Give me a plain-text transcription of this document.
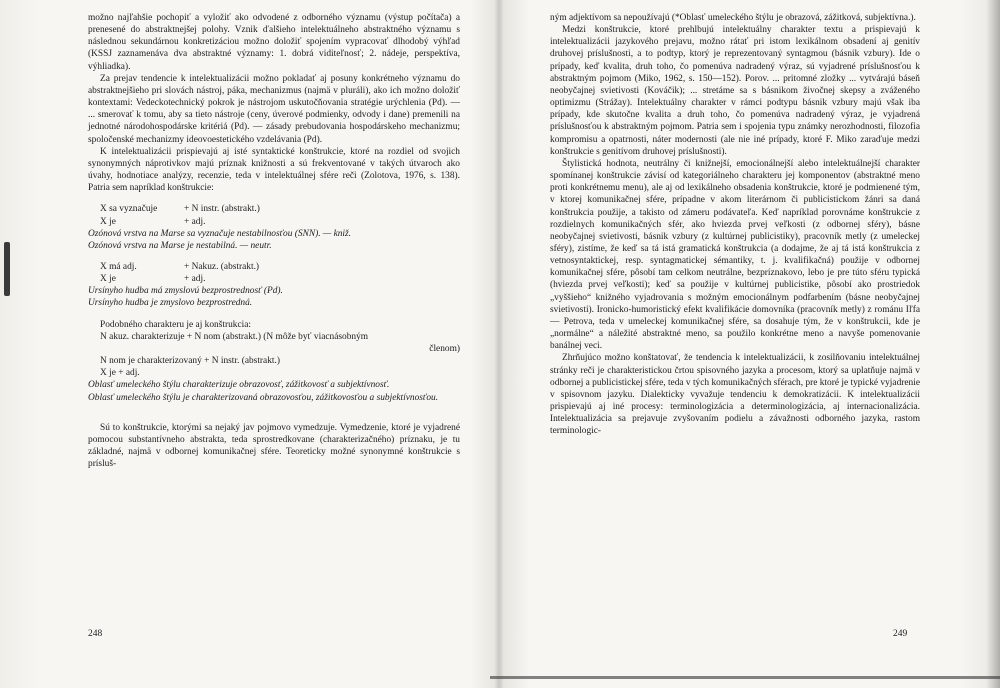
možno najľahšie pochopiť a vyložiť ako odvodené z odborného významu (výstup počítača) a prenesené do abstraktnejšej polohy. Vznik ďalšieho intelektuálneho abstraktného významu s následnou sekundárnou konkretizáciou možno doložiť spojením vypracovať dlhodobý výhľad (KSSJ zaznamenáva dva abstraktné významy: 1. dobrá viditeľnosť; 2. nádeje, perspektíva, výhliadka).

Za prejav tendencie k intelektualizácii možno pokladať aj posuny konkrétneho významu do abstraktnejšieho pri slovách nástroj, páka, mechanizmus (najmä v pluráli), ako ich možno doložiť kontextami: Vedeckotechnický pokrok je nástrojom uskutočňovania stratégie urýchlenia (Pd). — ... smerovať k tomu, aby sa tieto nástroje (ceny, úverové podmienky, odvody i dane) premenili na jednotné národohospodárske kritériá (Pd). — zásady prebudovania hospodárskeho mechanizmu; spoločenské mechanizmy ideovoestetického vzdelávania (Pd).

K intelektualizácii prispievajú aj isté syntaktické konštrukcie, ktoré na rozdiel od svojich synonymných náprotivkov majú príznak knižnosti a sú frekventované v takých útvaroch ako úvahy, hodnotiace analýzy, recenzie, teda v intelektuálnej sfére reči (Zolotova, 1976, s. 138). Patria sem napríklad konštrukcie:

X sa vyznačuje	+ N instr. (abstrakt.)
X je	+ adj.

Ozónová vrstva na Marse sa vyznačuje nestabilnosťou (SNN). — kniž.

Ozónová vrstva na Marse je nestabilná. — neutr.

X má adj.	+ Nakuz. (abstrakt.)
X je	+ adj.

Ursínyho hudba má zmyslovú bezprostrednosť (Pd).

Ursínyho hudba je zmyslovo bezprostredná.

Podobného charakteru je aj konštrukcia:

N akuz. charakterizuje + N nom (abstrakt.) (N môže byť viacnásobným
členom)
N nom je charakterizovaný + N instr. (abstrakt.)
X je + adj.

Oblasť umeleckého štýlu charakterizuje obrazovosť, zážitkovosť a subjektívnosť.

Oblasť umeleckého štýlu je charakterizovaná obrazovosťou, zážitkovosťou a subjektívnosťou.

Sú to konštrukcie, ktorými sa nejaký jav pojmovo vymedzuje. Vymedzenie, ktoré je vyjadrené pomocou substantívneho abstrakta, teda sprostredkovane (charakterizačného) príznaku, je tu základné, najmä v odbornej komunikačnej sfére. Teoreticky možné synonymné konštrukcie s prísluš-

248

ným adjektívom sa nepoužívajú (*Oblasť umeleckého štýlu je obrazová, zážitková, subjektívna.).

Medzi konštrukcie, ktoré prehlbujú intelektuálny charakter textu a prispievajú k intelektualizácii jazykového prejavu, možno rátať pri istom lexikálnom obsadení aj genitív druhovej príslušnosti, a to podtyp, ktorý je reprezentovaný syntagmou (básnik vzbury). Ide o prípady, keď kvalita, druh toho, čo pomenúva nadradený výraz, sú vyjadrené príslušnosťou k abstraktným pojmom (Miko, 1962, s. 150—152). Porov. ... pritomné zložky ... vytvárajú báseň neobyčajnej svietivosti (Kováčik); ... stretáme sa s básnikom živočnej skepsy a zváženého optimizmu (Strážay). Intelektuálny charakter v rámci podtypu básnik vzbury majú však iba prípady, kde skutočne kvalita a druh toho, čo pomenúva nadradený výraz, je vyjadrená príslušnosťou k abstraktným pojmom. Patria sem i spojenia typu známky nerozhodnosti, filozofia kompromisu a opatrnosti, náter modernosti (ale nie iné prípady, ktoré F. Miko zaraďuje medzi konštrukcie s genitívom druhovej príslušnosti).

Štylistická hodnota, neutrálny či knižnejší, emocionálnejší alebo intelektuálnejší charakter spomínanej konštrukcie závisí od kategoriálneho charakteru jej komponentov (abstraktné meno proti konkrétnemu menu), ale aj od lexikálneho obsadenia konštrukcie, ktoré je podmienené tým, v ktorej komunikačnej sfére, prípadne v akom literárnom či publicistickom žánri sa daná konštrukcia použije, a takisto od zámeru podávateľa. Keď napríklad porovnáme konštrukcie z rozdielnych komunikačných sfér, ako hviezda prvej veľkosti (z odbornej sféry), básne neobyčajnej svietivosti, básnik vzbury (z kultúrnej publicistiky), pracovník metly (z umeleckej sféry), zistíme, že keď sa tá istá gramatická konštrukcia (a dodajme, že aj tá istá konštrukcia z vetnosyntaktickej, resp. syntagmatickej sémantiky, t. j. kvalifikačná) použije v odbornej komunikačnej sfére, pôsobí tam celkom neutrálne, bezpríznakovo, lebo je pre túto sféru typická (hviezda prvej veľkosti); keď sa použije v kultúrnej publicistike, pôsobí ako prostriedok „vyššieho“ knižného vyjadrovania s možným emocionálnym podfarbením (básne neobyčajnej svietivosti). Ironicko-humoristický efekt kvalifikácie domovníka (pracovník metly) z románu Iľfa — Petrova, teda v umeleckej komunikačnej sfére, sa dosahuje tým, že v konštrukcii, kde je „normálne“ a náležité abstraktné meno, sa použilo konkrétne meno a navyše pomenovanie banálnej veci.

Zhrňujúco možno konštatovať, že tendencia k intelektualizácii, k zosilňovaniu intelektuálnej stránky reči je charakteristickou črtou spisovného jazyka a procesom, ktorý sa uplatňuje najmä v odbornej a publicistickej sfére, teda v tých komunikačných sférach, pre ktoré je typické vyjadrenie v spisovnom jazyku. Dialekticky vyvažuje tendenciu k demokratizácii. K intelektualizácii prispievajú aj iné procesy: terminologizácia a determinologizácia, aj internacionalizácia. Intelektualizácia sa prejavuje zvyšovaním podielu a závažnosti odborného jazyka, rastom terminologic-

249
